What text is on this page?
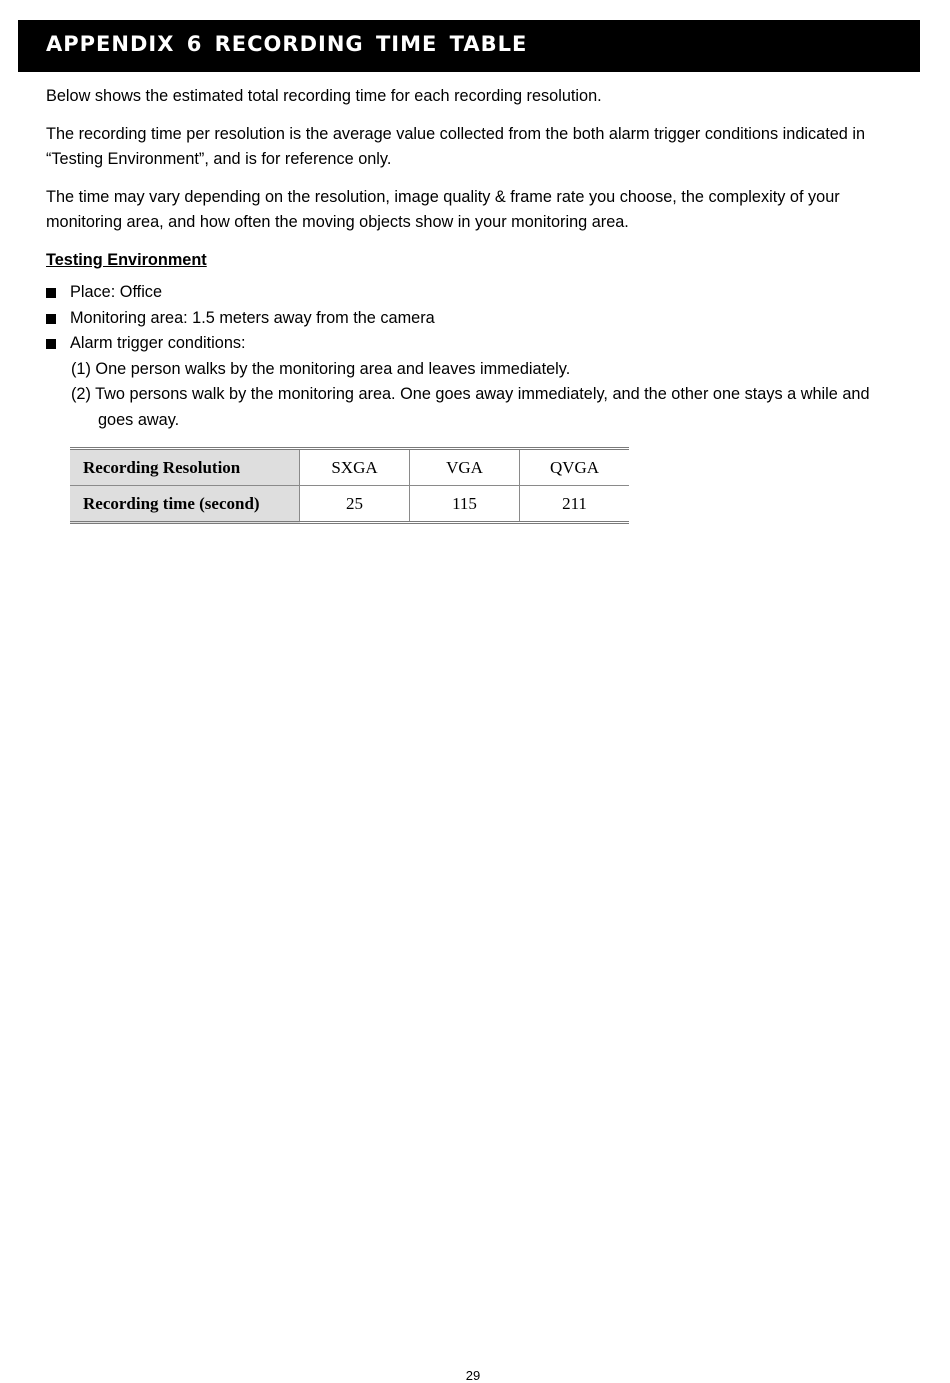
APPENDIX 6 RECORDING TIME TABLE

Below shows the estimated total recording time for each recording resolution.

The recording time per resolution is the average value collected from the both alarm trigger conditions indicated in “Testing Environment”, and is for reference only.

The time may vary depending on the resolution, image quality & frame rate you choose, the complexity of your monitoring area, and how often the moving objects show in your monitoring area.

Testing Environment
Place: Office
Monitoring area: 1.5 meters away from the camera
Alarm trigger conditions:
(1) One person walks by the monitoring area and leaves immediately.
(2) Two persons walk by the monitoring area. One goes away immediately, and the other one stays a while and goes away.
Recording Resolution	SXGA	VGA	QVGA
Recording time (second)	25	115	211
29
